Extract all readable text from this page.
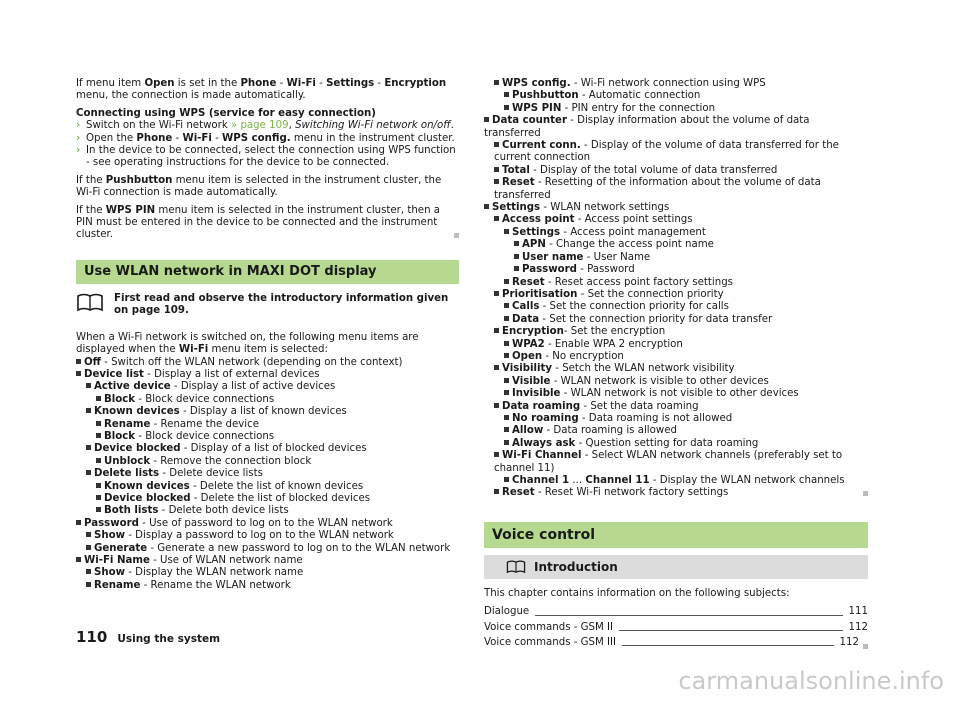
If menu item Open is set in the Phone - Wi-Fi - Settings - Encryption menu, the connection is made automatically.

Connecting using WPS (service for easy connection)

› Switch on the Wi-Fi network » page 109, Switching Wi-Fi network on/off.
› Open the Phone - Wi-Fi - WPS config. menu in the instrument cluster.
› In the device to be connected, select the connection using WPS function - see operating instructions for the device to be connected.

If the Pushbutton menu item is selected in the instrument cluster, the Wi-Fi connection is made automatically.

If the WPS PIN menu item is selected in the instrument cluster, then a PIN must be entered in the device to be connected and the instrument cluster.

Use WLAN network in MAXI DOT display
First read and observe the introductory information given on page 109.

When a Wi-Fi network is switched on, the following menu items are displayed when the Wi-Fi menu item is selected:

Off - Switch off the WLAN network (depending on the context)
Device list - Display a list of external devices
Active device - Display a list of active devices
Block - Block device connections
Known devices - Display a list of known devices
Rename - Rename the device
Block - Block device connections
Device blocked - Display of a list of blocked devices
Unblock - Remove the connection block
Delete lists - Delete device lists
Known devices - Delete the list of known devices
Device blocked - Delete the list of blocked devices
Both lists - Delete both device lists
Password - Use of password to log on to the WLAN network
Show - Display a password to log on to the WLAN network
Generate - Generate a new password to log on to the WLAN network
Wi-Fi Name - Use of WLAN network name
Show - Display the WLAN network name
Rename - Rename the WLAN network
WPS config. - Wi-Fi network connection using WPS
Pushbutton - Automatic connection
WPS PIN - PIN entry for the connection
Data counter - Display information about the volume of data transferred
Current conn. - Display of the volume of data transferred for the current connection
Total - Display of the total volume of data transferred
Reset - Resetting of the information about the volume of data transferred
Settings - WLAN network settings
Access point - Access point settings
Settings - Access point management
APN - Change the access point name
User name - User Name
Password - Password
Reset - Reset access point factory settings
Prioritisation - Set the connection priority
Calls - Set the connection priority for calls
Data - Set the connection priority for data transfer
Encryption- Set the encryption
WPA2 - Enable WPA 2 encryption
Open - No encryption
Visibility - Setch the WLAN network visibility
Visible - WLAN network is visible to other devices
Invisible - WLAN network is not visible to other devices
Data roaming - Set the data roaming
No roaming - Data roaming is not allowed
Allow - Data roaming is allowed
Always ask - Question setting for data roaming
Wi-Fi Channel - Select WLAN network channels (preferably set to channel 11)
Channel 1 ... Channel 11 - Display the WLAN network channels
Reset - Reset Wi-Fi network factory settings
Voice control
Introduction

This chapter contains information on the following subjects:

Dialogue	111
Voice commands - GSM II	112
Voice commands - GSM III	112
110 Using the system
carmanualsonline.info
